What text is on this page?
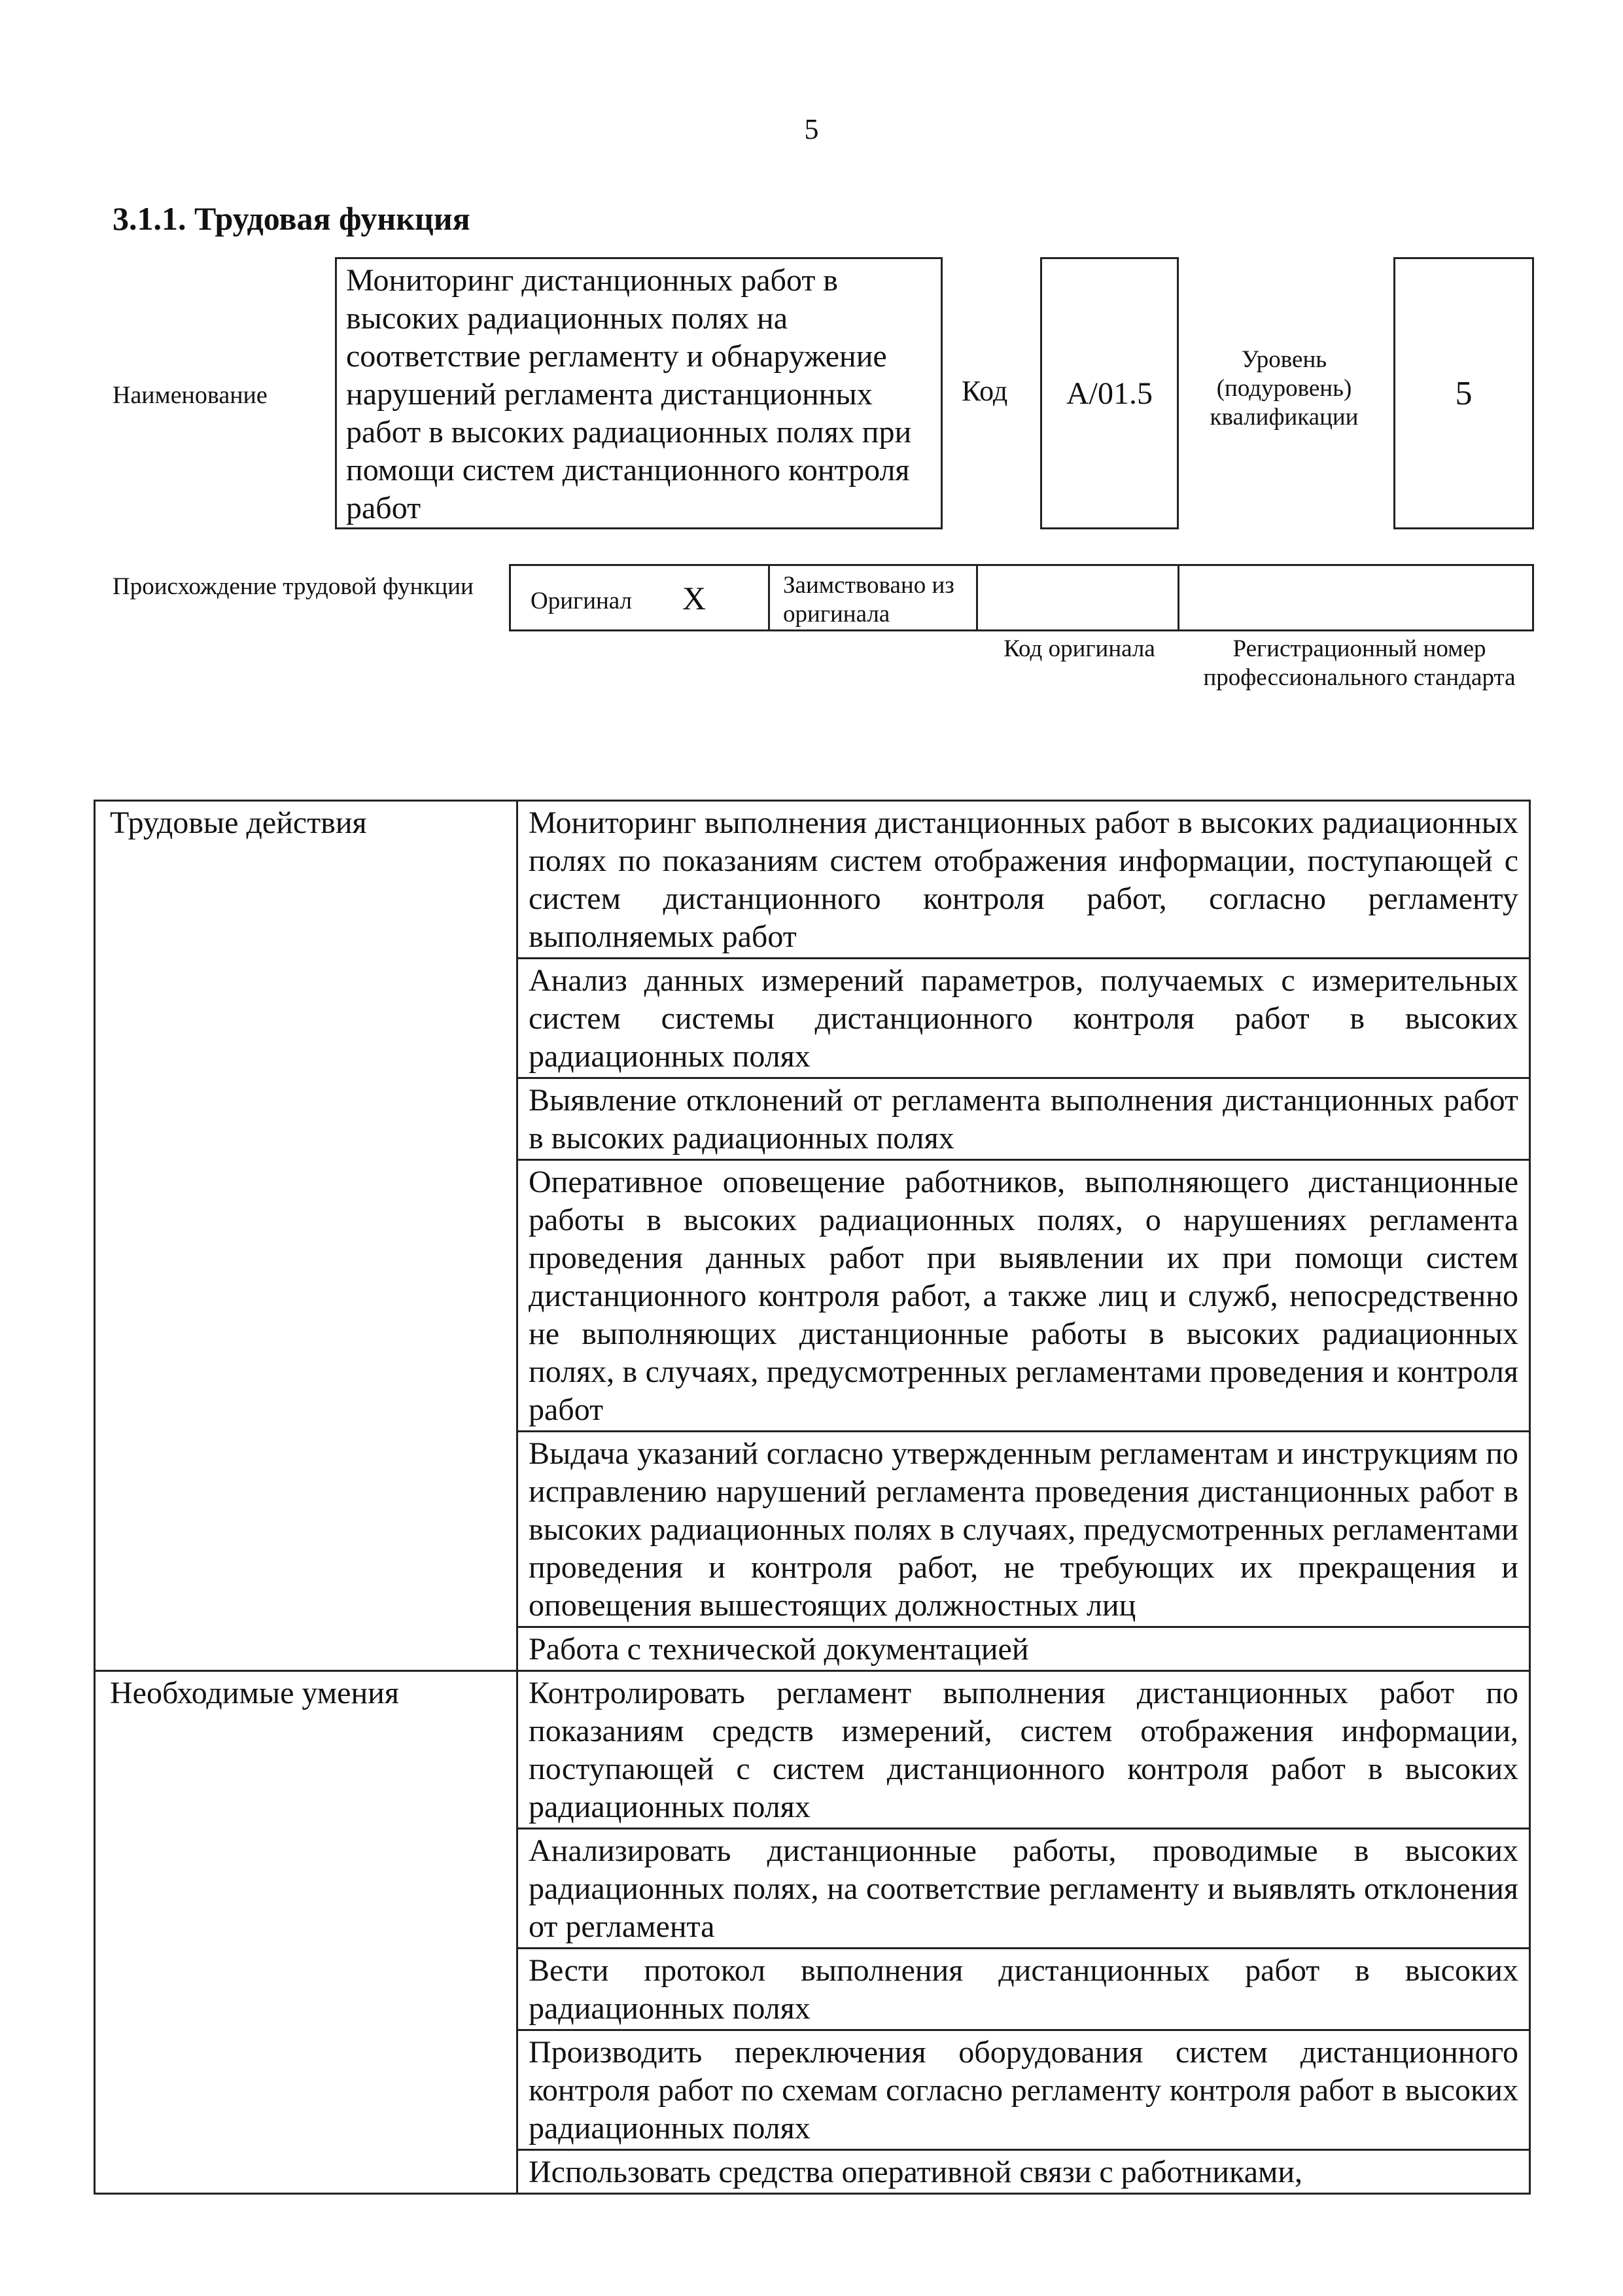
5
3.1.1. Трудовая функция
Наименование
Мониторинг дистанционных работ в высоких радиационных полях на соответствие регламенту и обнаружение нарушений регламента дистанционных работ в высоких радиационных полях при помощи систем дистанционного контроля работ
Код	A/01.5
Уровень (подуровень) квалификации
5
Происхождение трудовой функции
Оригинал X	Заимствовано из оригинала
Код оригинала	Регистрационный номер профессионального стандарта
Трудовые действия	Мониторинг выполнения дистанционных работ в высоких радиационных полях по показаниям систем отображения информации, поступающей с систем дистанционного контроля работ, согласно регламенту выполняемых работ
	Анализ данных измерений параметров, получаемых с измерительных систем системы дистанционного контроля работ в высоких радиационных полях
	Выявление отклонений от регламента выполнения дистанционных работ в высоких радиационных полях
	Оперативное оповещение работников, выполняющего дистанционные работы в высоких радиационных полях, о нарушениях регламента проведения данных работ при выявлении их при помощи систем дистанционного контроля работ, а также лиц и служб, непосредственно не выполняющих дистанционные работы в высоких радиационных полях, в случаях, предусмотренных регламентами проведения и контроля работ
	Выдача указаний согласно утвержденным регламентам и инструкциям по исправлению нарушений регламента проведения дистанционных работ в высоких радиационных полях в случаях, предусмотренных регламентами проведения и контроля работ, не требующих их прекращения и оповещения вышестоящих должностных лиц
	Работа с технической документацией
Необходимые умения	Контролировать регламент выполнения дистанционных работ по показаниям средств измерений, систем отображения информации, поступающей с систем дистанционного контроля работ в высоких радиационных полях
	Анализировать дистанционные работы, проводимые в высоких радиационных полях, на соответствие регламенту и выявлять отклонения от регламента
	Вести протокол выполнения дистанционных работ в высоких радиационных полях
	Производить переключения оборудования систем дистанционного контроля работ по схемам согласно регламенту контроля работ в высоких радиационных полях
	Использовать средства оперативной связи с работниками,
